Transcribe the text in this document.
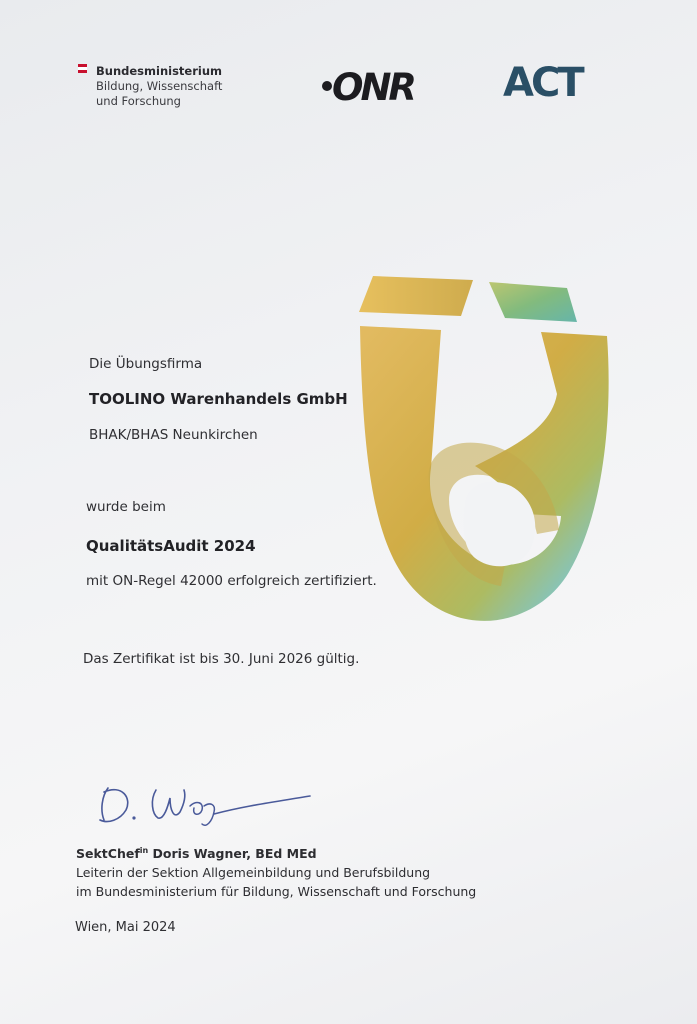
Bundesministerium
Bildung, Wissenschaft
und Forschung	ONR ACT
Die Übungsfirma
TOOLINO Warenhandels GmbH
BHAK/BHAS Neunkirchen
wurde beim
QualitätsAudit 2024
mit ON-Regel 42000 erfolgreich zertifiziert.
Das Zertifikat ist bis 30. Juni 2026 gültig.
SektChef$^{in}$ Doris Wagner, BEd MEd
Leiterin der Sektion Allgemeinbildung und Berufsbildung
im Bundesministerium für Bildung, Wissenschaft und Forschung
Wien, Mai 2024
